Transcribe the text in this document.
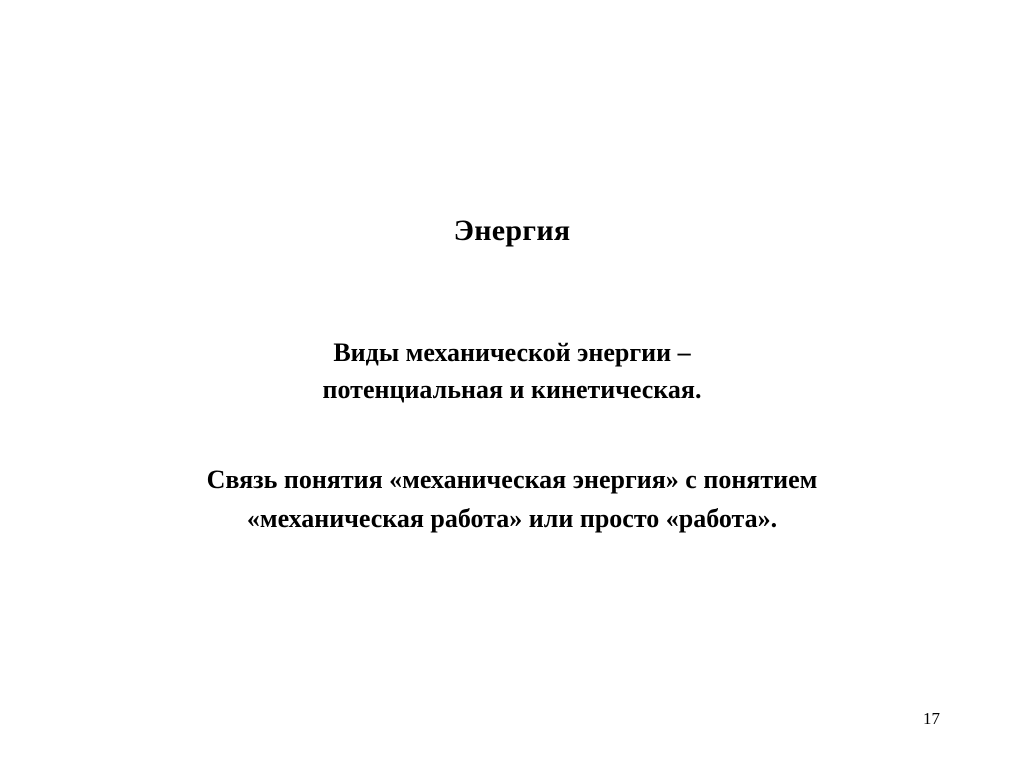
Энергия
Виды механической энергии –
потенциальная и кинетическая.
Связь понятия «механическая энергия» с понятием
«механическая работа» или просто «работа».
17
